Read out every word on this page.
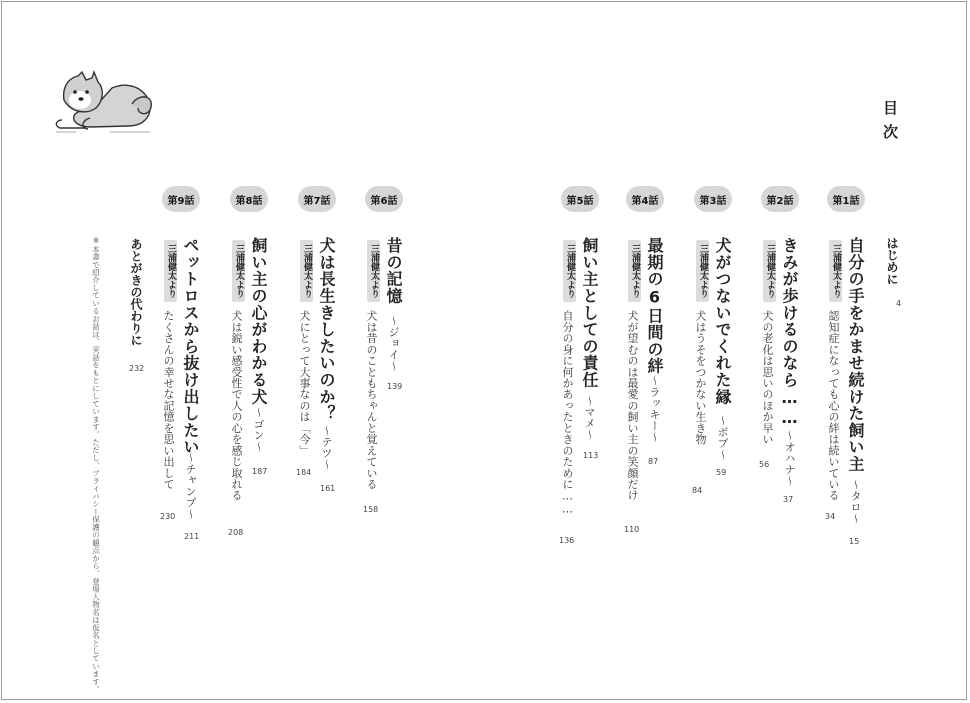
目次
はじめに
4
第1話
自分の手をかませ続けた飼い主
〜タロ〜
15
三浦健太より
認知症になっても心の絆は続いている
34
第2話
きみが歩けるのなら……
〜オハナ〜
37
三浦健太より
犬の老化は思いのほか早い
56
第3話
犬がつないでくれた縁
〜ボブ〜
59
三浦健太より
犬はうそをつかない生き物
84
第4話
最期の6日間の絆
〜ラッキー〜
87
三浦健太より
犬が望むのは最愛の飼い主の笑顔だけ
110
第5話
飼い主としての責任
〜マメ〜
113
三浦健太より
自分の身に何かあったときのために……
136
第6話
昔の記憶
〜ジョイ〜
139
三浦健太より
犬は昔のこともちゃんと覚えている
158
第7話
犬は長生きしたいのか？
〜テツ〜
161
三浦健太より
犬にとって大事なのは「今」
184
第8話
飼い主の心がわかる犬
〜ゴン〜
187
三浦健太より
犬は鋭い感受性で人の心を感じ取れる
208
第9話
ペットロスから抜け出したい
〜チャンプ〜
211
三浦健太より
たくさんの幸せな記憶を思い出して
230
あとがきの代わりに
232
※本書で紹介しているお話は、実話をもとにしています。ただし、プライバシー保護の観点から、登場人物名は仮名としています。
